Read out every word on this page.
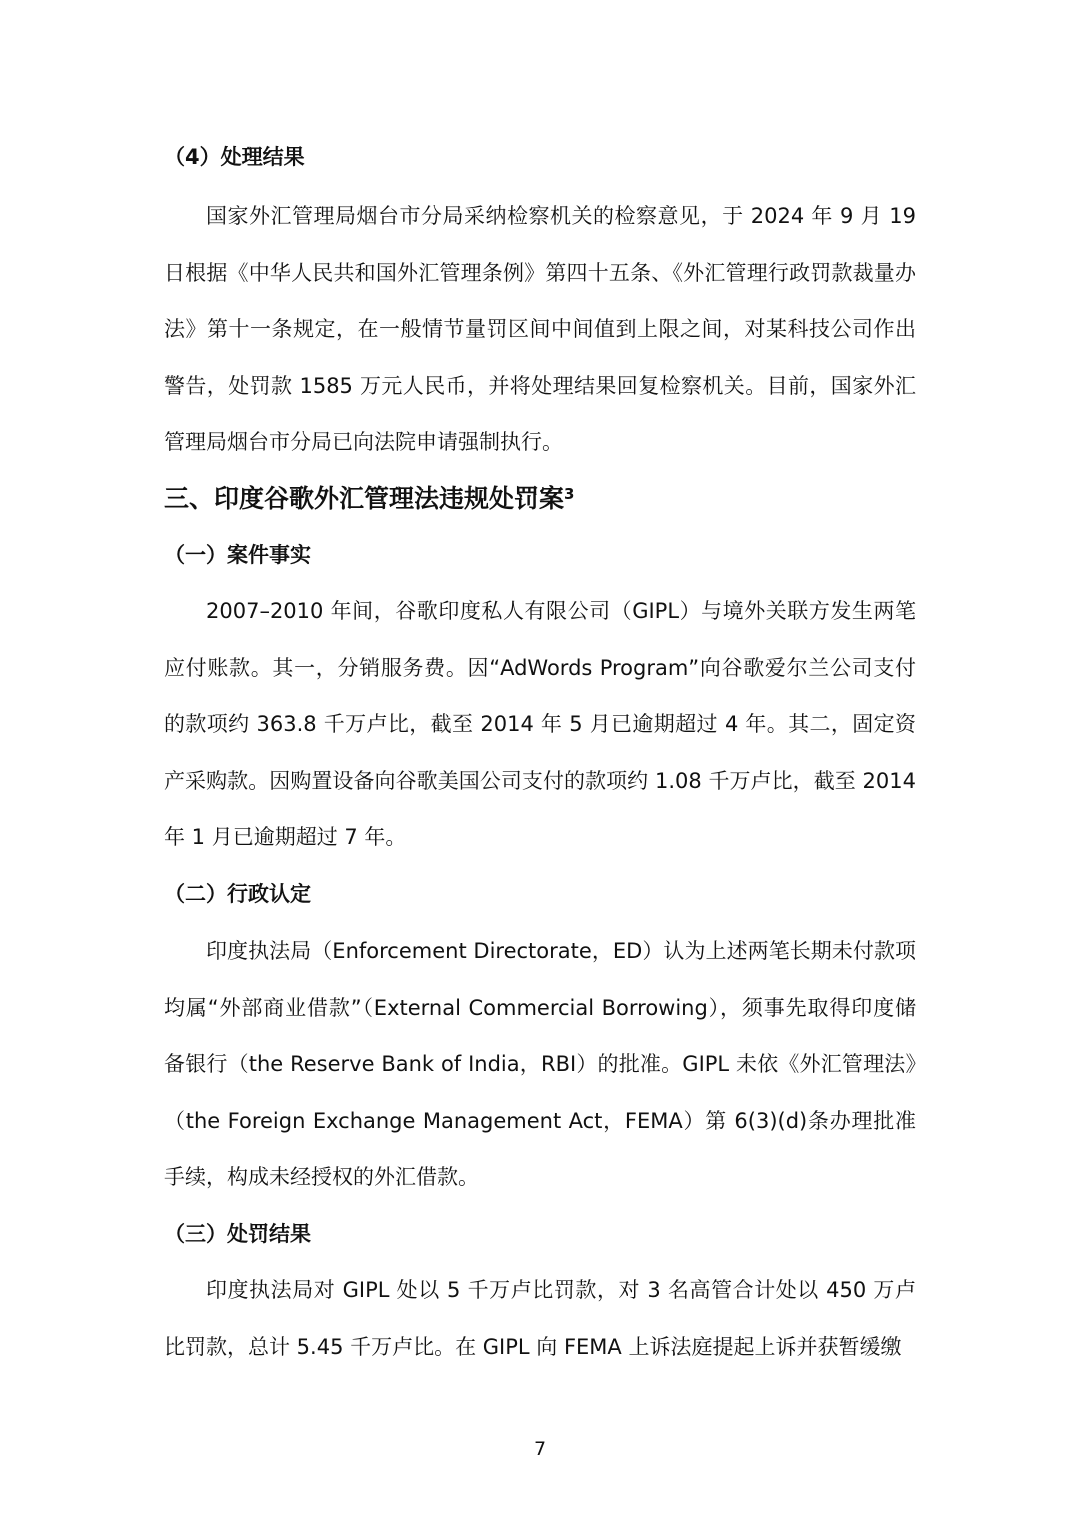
（4）处理结果

国家外汇管理局烟台市分局采纳检察机关的检察意见，于 2024 年 9 月 19 日根据《中华人民共和国外汇管理条例》第四十五条、《外汇管理行政罚款裁量办法》第十一条规定，在一般情节量罚区间中间值到上限之间，对某科技公司作出警告，处罚款 1585 万元人民币，并将处理结果回复检察机关。目前，国家外汇管理局烟台市分局已向法院申请强制执行。

三、印度谷歌外汇管理法违规处罚案$^3$
（一）案件事实

2007–2010 年间，谷歌印度私人有限公司（GIPL）与境外关联方发生两笔应付账款。其一，分销服务费。因“AdWords Program”向谷歌爱尔兰公司支付的款项约 363.8 千万卢比，截至 2014 年 5 月已逾期超过 4 年。其二，固定资产采购款。因购置设备向谷歌美国公司支付的款项约 1.08 千万卢比，截至 2014 年 1 月已逾期超过 7 年。

（二）行政认定

印度执法局（Enforcement Directorate，ED）认为上述两笔长期未付款项均属“外部商业借款”（External Commercial Borrowing），须事先取得印度储备银行（the Reserve Bank of India，RBI）的批准。GIPL 未依《外汇管理法》（the Foreign Exchange Management Act，FEMA）第 6(3)(d)条办理批准手续，构成未经授权的外汇借款。

（三）处罚结果

印度执法局对 GIPL 处以 5 千万卢比罚款，对 3 名高管合计处以 450 万卢比罚款，总计 5.45 千万卢比。在 GIPL 向 FEMA 上诉法庭提起上诉并获暂缓缴

7
